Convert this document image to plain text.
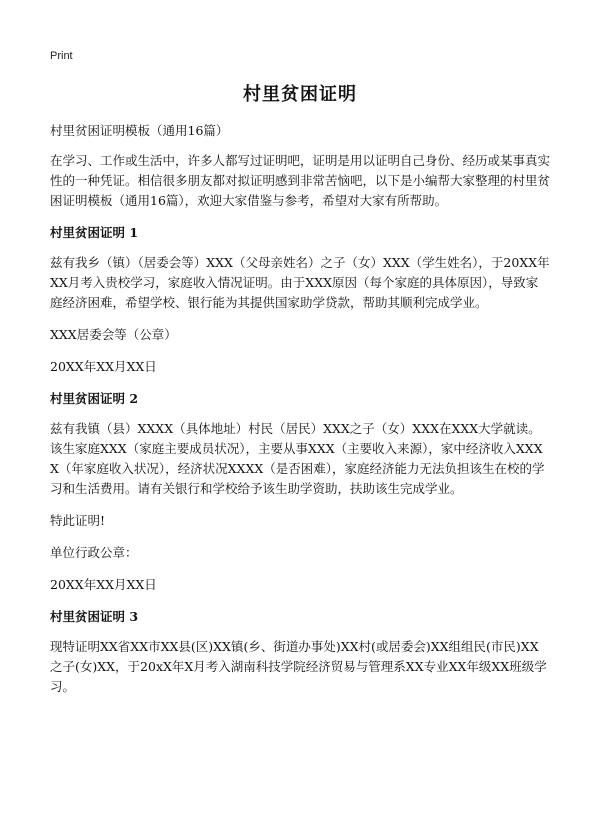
Print
村里贫困证明
村里贫困证明模板（通用16篇）
在学习、工作或生活中，许多人都写过证明吧，证明是用以证明自己身份、经历或某事真实性的一种凭证。相信很多朋友都对拟证明感到非常苦恼吧，以下是小编帮大家整理的村里贫困证明模板（通用16篇），欢迎大家借鉴与参考，希望对大家有所帮助。
村里贫困证明 1
兹有我乡（镇）（居委会等）XXX（父母亲姓名）之子（女）XXX（学生姓名），于20XX年XX月考入贵校学习，家庭收入情况证明。由于XXX原因（每个家庭的具体原因），导致家庭经济困难，希望学校、银行能为其提供国家助学贷款，帮助其顺利完成学业。
XXX居委会等（公章）
20XX年XX月XX日
村里贫困证明 2
兹有我镇（县）XXXX（具体地址）村民（居民）XXX之子（女）XXX在XXX大学就读。该生家庭XXX（家庭主要成员状况），主要从事XXX（主要收入来源），家中经济收入XXXX（年家庭收入状况），经济状况XXXX（是否困难），家庭经济能力无法负担该生在校的学习和生活费用。请有关银行和学校给予该生助学资助，扶助该生完成学业。
特此证明!
单位行政公章：
20XX年XX月XX日
村里贫困证明 3
现特证明XX省XX市XX县(区)XX镇(乡、街道办事处)XX村(或居委会)XX组组民(市民)XX之子(女)XX，于20xX年X月考入湖南科技学院经济贸易与管理系XX专业XX年级XX班级学习。
